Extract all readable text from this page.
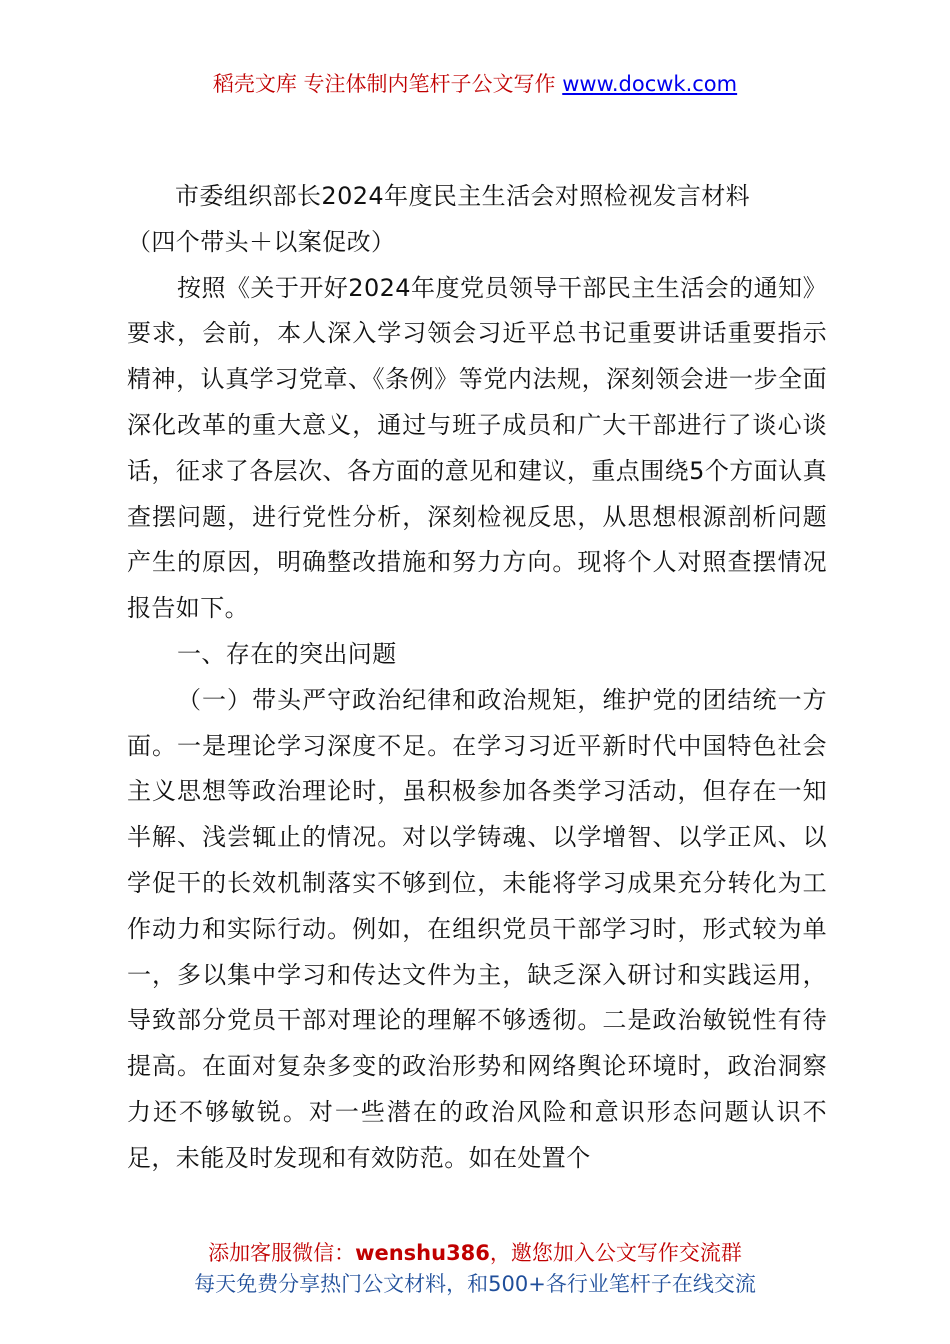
稻壳文库 专注体制内笔杆子公文写作 www.docwk.com
市委组织部长2024年度民主生活会对照检视发言材料

（四个带头＋以案促改）

按照《关于开好2024年度党员领导干部民主生活会的通知》要求，会前，本人深入学习领会习近平总书记重要讲话重要指示精神，认真学习党章、《条例》等党内法规，深刻领会进一步全面深化改革的重大意义，通过与班子成员和广大干部进行了谈心谈话，征求了各层次、各方面的意见和建议，重点围绕5个方面认真查摆问题，进行党性分析，深刻检视反思，从思想根源剖析问题产生的原因，明确整改措施和努力方向。现将个人对照查摆情况报告如下。

一、存在的突出问题

（一）带头严守政治纪律和政治规矩，维护党的团结统一方面。一是理论学习深度不足。在学习习近平新时代中国特色社会主义思想等政治理论时，虽积极参加各类学习活动，但存在一知半解、浅尝辄止的情况。对以学铸魂、以学增智、以学正风、以学促干的长效机制落实不够到位，未能将学习成果充分转化为工作动力和实际行动。例如，在组织党员干部学习时，形式较为单一，多以集中学习和传达文件为主，缺乏深入研讨和实践运用，导致部分党员干部对理论的理解不够透彻。二是政治敏锐性有待提高。在面对复杂多变的政治形势和网络舆论环境时，政治洞察力还不够敏锐。对一些潜在的政治风险和意识形态问题认识不足，未能及时发现和有效防范。如在处置个

添加客服微信：wenshu386，邀您加入公文写作交流群
每天免费分享热门公文材料，和500+各行业笔杆子在线交流
